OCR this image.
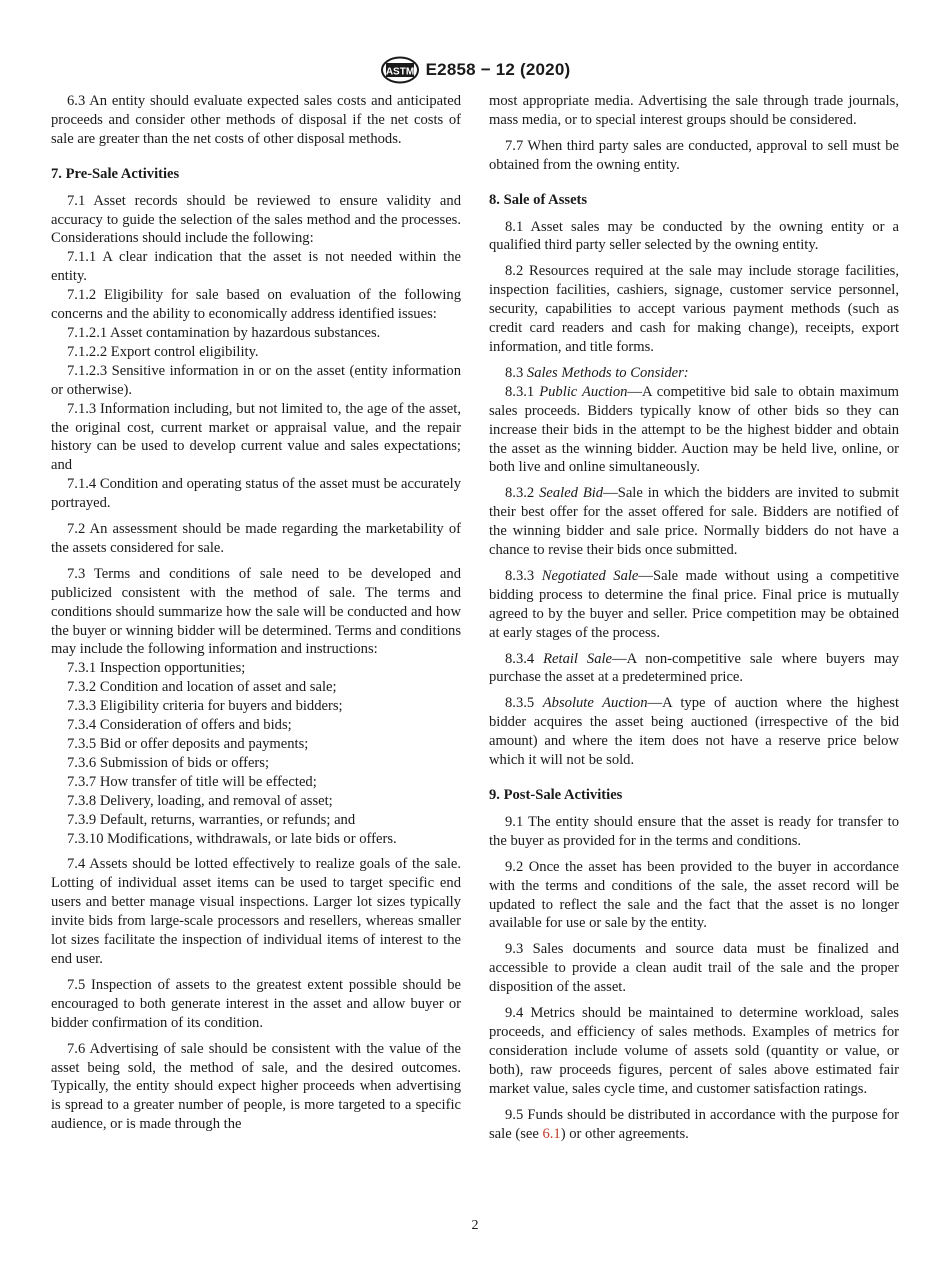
ASTM E2858 − 12 (2020)

6.3 An entity should evaluate expected sales costs and anticipated proceeds and consider other methods of disposal if the net costs of sale are greater than the net costs of other disposal methods.

7. Pre-Sale Activities

7.1 Asset records should be reviewed to ensure validity and accuracy to guide the selection of the sales method and the processes. Considerations should include the following:

7.1.1 A clear indication that the asset is not needed within the entity.

7.1.2 Eligibility for sale based on evaluation of the following concerns and the ability to economically address identified issues:

7.1.2.1 Asset contamination by hazardous substances.

7.1.2.2 Export control eligibility.

7.1.2.3 Sensitive information in or on the asset (entity information or otherwise).

7.1.3 Information including, but not limited to, the age of the asset, the original cost, current market or appraisal value, and the repair history can be used to develop current value and sales expectations; and

7.1.4 Condition and operating status of the asset must be accurately portrayed.

7.2 An assessment should be made regarding the marketability of the assets considered for sale.

7.3 Terms and conditions of sale need to be developed and publicized consistent with the method of sale. The terms and conditions should summarize how the sale will be conducted and how the buyer or winning bidder will be determined. Terms and conditions may include the following information and instructions:

7.3.1 Inspection opportunities;

7.3.2 Condition and location of asset and sale;

7.3.3 Eligibility criteria for buyers and bidders;

7.3.4 Consideration of offers and bids;

7.3.5 Bid or offer deposits and payments;

7.3.6 Submission of bids or offers;

7.3.7 How transfer of title will be effected;

7.3.8 Delivery, loading, and removal of asset;

7.3.9 Default, returns, warranties, or refunds; and

7.3.10 Modifications, withdrawals, or late bids or offers.

7.4 Assets should be lotted effectively to realize goals of the sale. Lotting of individual asset items can be used to target specific end users and better manage visual inspections. Larger lot sizes typically invite bids from large-scale processors and resellers, whereas smaller lot sizes facilitate the inspection of individual items of interest to the end user.

7.5 Inspection of assets to the greatest extent possible should be encouraged to both generate interest in the asset and allow buyer or bidder confirmation of its condition.

7.6 Advertising of sale should be consistent with the value of the asset being sold, the method of sale, and the desired outcomes. Typically, the entity should expect higher proceeds when advertising is spread to a greater number of people, is more targeted to a specific audience, or is made through the

most appropriate media. Advertising the sale through trade journals, mass media, or to special interest groups should be considered.

7.7 When third party sales are conducted, approval to sell must be obtained from the owning entity.

8. Sale of Assets

8.1 Asset sales may be conducted by the owning entity or a qualified third party seller selected by the owning entity.

8.2 Resources required at the sale may include storage facilities, inspection facilities, cashiers, signage, customer service personnel, security, capabilities to accept various payment methods (such as credit card readers and cash for making change), receipts, export information, and title forms.

8.3 Sales Methods to Consider:

8.3.1 Public Auction—A competitive bid sale to obtain maximum sales proceeds. Bidders typically know of other bids so they can increase their bids in the attempt to be the highest bidder and obtain the asset as the winning bidder. Auction may be held live, online, or both live and online simultaneously.

8.3.2 Sealed Bid—Sale in which the bidders are invited to submit their best offer for the asset offered for sale. Bidders are notified of the winning bidder and sale price. Normally bidders do not have a chance to revise their bids once submitted.

8.3.3 Negotiated Sale—Sale made without using a competitive bidding process to determine the final price. Final price is mutually agreed to by the buyer and seller. Price competition may be obtained at early stages of the process.

8.3.4 Retail Sale—A non-competitive sale where buyers may purchase the asset at a predetermined price.

8.3.5 Absolute Auction—A type of auction where the highest bidder acquires the asset being auctioned (irrespective of the bid amount) and where the item does not have a reserve price below which it will not be sold.

9. Post-Sale Activities

9.1 The entity should ensure that the asset is ready for transfer to the buyer as provided for in the terms and conditions.

9.2 Once the asset has been provided to the buyer in accordance with the terms and conditions of the sale, the asset record will be updated to reflect the sale and the fact that the asset is no longer available for use or sale by the entity.

9.3 Sales documents and source data must be finalized and accessible to provide a clean audit trail of the sale and the proper disposition of the asset.

9.4 Metrics should be maintained to determine workload, sales proceeds, and efficiency of sales methods. Examples of metrics for consideration include volume of assets sold (quantity or value, or both), raw proceeds figures, percent of sales above estimated fair market value, sales cycle time, and customer satisfaction ratings.

9.5 Funds should be distributed in accordance with the purpose for sale (see 6.1) or other agreements.

2
